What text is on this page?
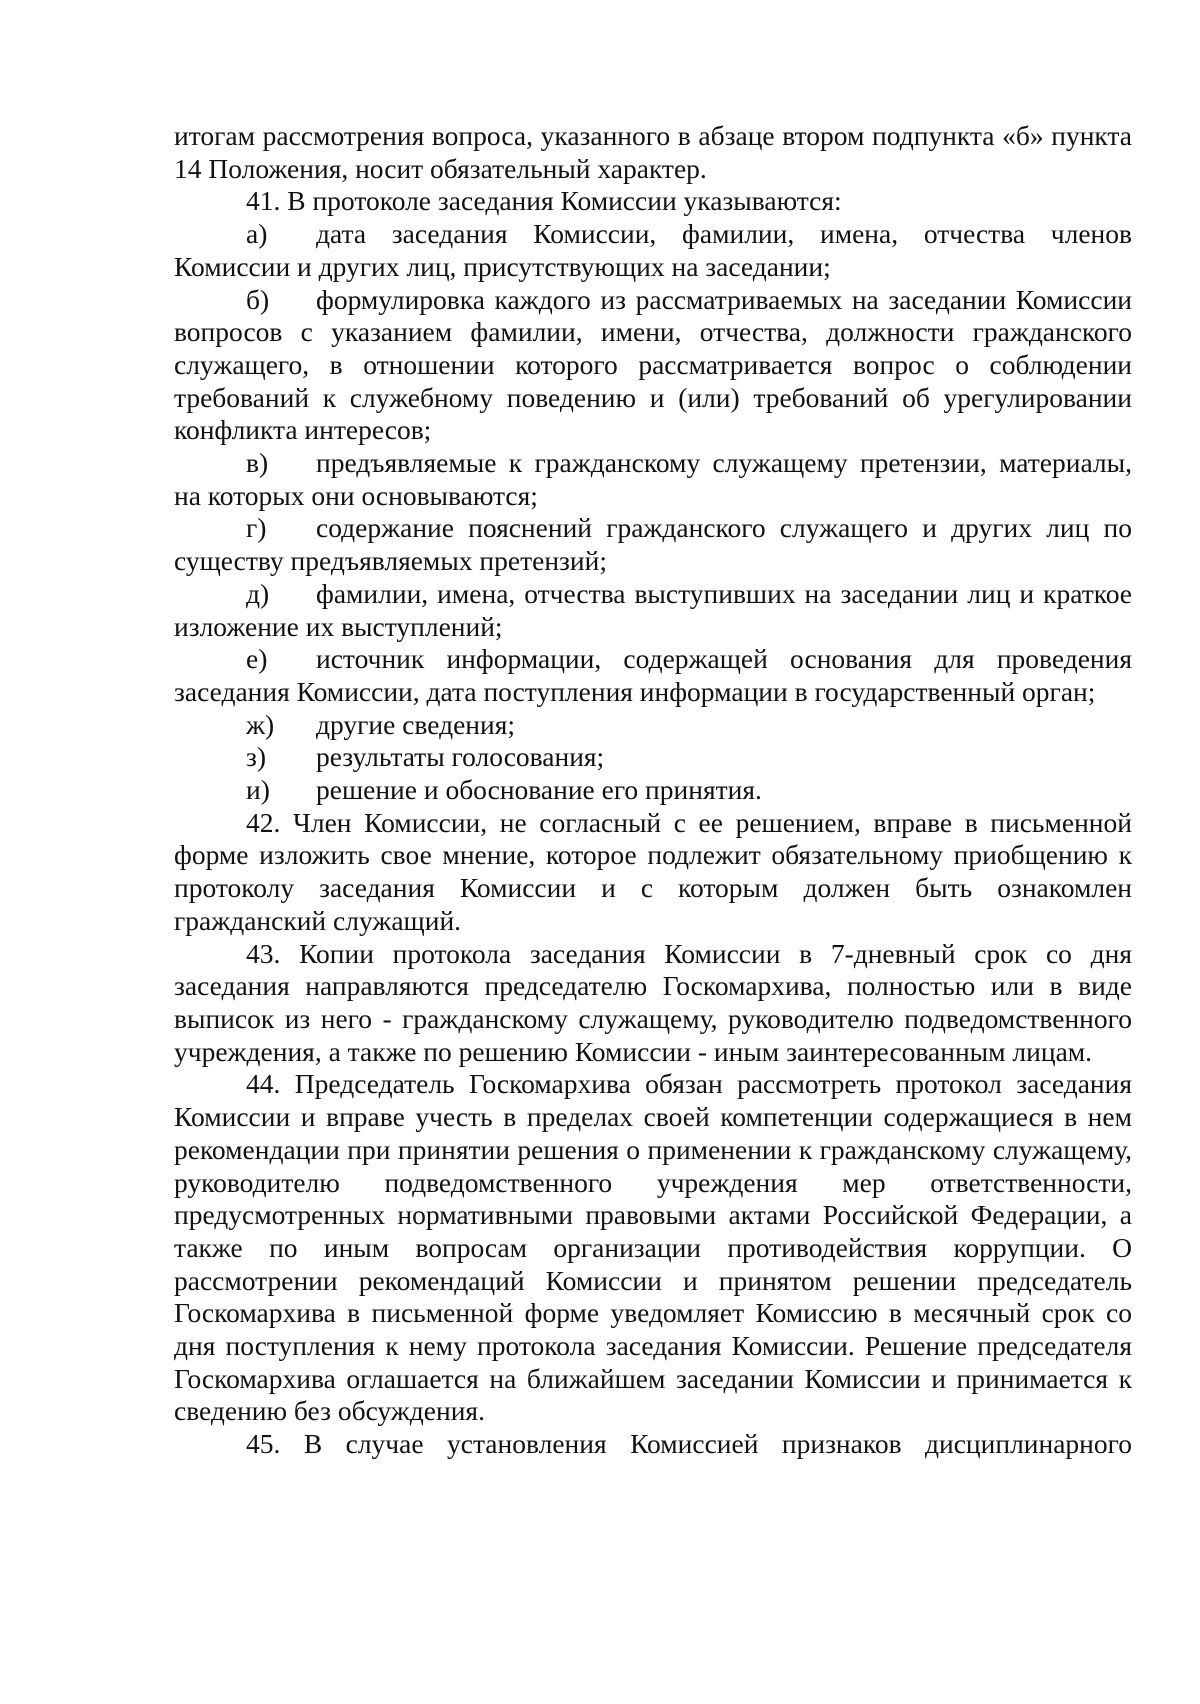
итогам рассмотрения вопроса, указанного в абзаце втором подпункта «б» пункта 14 Положения, носит обязательный характер.

41. В протоколе заседания Комиссии указываются:

а) дата заседания Комиссии, фамилии, имена, отчества членов Комиссии и других лиц, присутствующих на заседании;

б) формулировка каждого из рассматриваемых на заседании Комиссии вопросов с указанием фамилии, имени, отчества, должности гражданского служащего, в отношении которого рассматривается вопрос о соблюдении требований к служебному поведению и (или) требований об урегулировании конфликта интересов;

в) предъявляемые к гражданскому служащему претензии, материалы, на которых они основываются;

г) содержание пояснений гражданского служащего и других лиц по существу предъявляемых претензий;

д) фамилии, имена, отчества выступивших на заседании лиц и краткое изложение их выступлений;

е) источник информации, содержащей основания для проведения заседания Комиссии, дата поступления информации в государственный орган;

ж) другие сведения;

з) результаты голосования;

и) решение и обоснование его принятия.

42. Член Комиссии, не согласный с ее решением, вправе в письменной форме изложить свое мнение, которое подлежит обязательному приобщению к протоколу заседания Комиссии и с которым должен быть ознакомлен гражданский служащий.

43. Копии протокола заседания Комиссии в 7-дневный срок со дня заседания направляются председателю Госкомархива, полностью или в виде выписок из него - гражданскому служащему, руководителю подведомственного учреждения, а также по решению Комиссии - иным заинтересованным лицам.

44. Председатель Госкомархива обязан рассмотреть протокол заседания Комиссии и вправе учесть в пределах своей компетенции содержащиеся в нем рекомендации при принятии решения о применении к гражданскому служащему, руководителю подведомственного учреждения мер ответственности, предусмотренных нормативными правовыми актами Российской Федерации, а также по иным вопросам организации противодействия коррупции. О рассмотрении рекомендаций Комиссии и принятом решении председатель Госкомархива в письменной форме уведомляет Комиссию в месячный срок со дня поступления к нему протокола заседания Комиссии. Решение председателя Госкомархива оглашается на ближайшем заседании Комиссии и принимается к сведению без обсуждения.

45. В случае установления Комиссией признаков дисциплинарного
